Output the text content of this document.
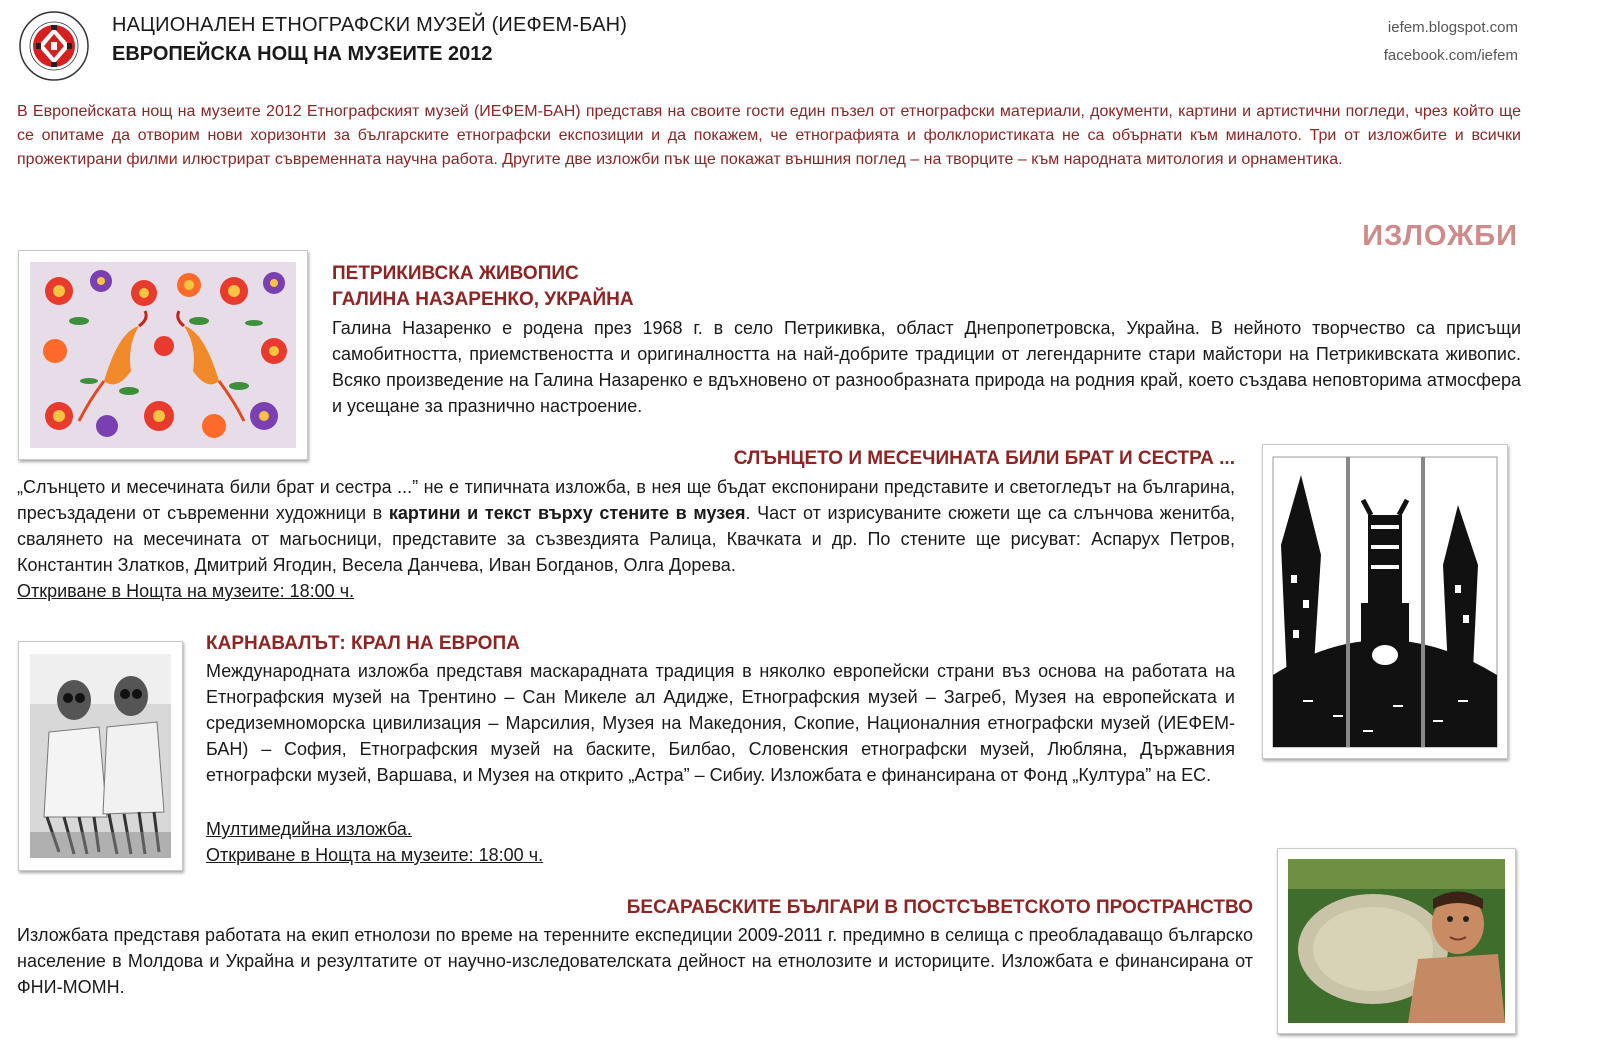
НАЦИОНАЛЕН ЕТНОГРАФСКИ МУЗЕЙ (ИЕФЕМ-БАН)
ЕВРОПЕЙСКА НОЩ НА МУЗЕИТЕ 2012
iefem.blogspot.com
facebook.com/iefem

В Европейската нощ на музеите 2012 Етнографският музей (ИЕФЕМ-БАН) представя на своите гости един пъзел от етнографски материали, документи, картини и артистични погледи, чрез който ще се опитаме да отворим нови хоризонти за българските етнографски експозиции и да покажем, че етнографията и фолклористиката не са обърнати към миналото. Три от изложбите и всички прожектирани филми илюстрират съвременната научна работа. Другите две изложби пък ще покажат външния поглед – на творците – към народната митология и орнаментика.

ИЗЛОЖБИ
ПЕТРИКИВСКА ЖИВОПИС
ГАЛИНА НАЗАРЕНКО, УКРАЙНА

Галина Назаренко е родена през 1968 г. в село Петрикивка, област Днепропетровска, Украйна. В нейното творчество са присъщи самобитността, приемствеността и оригиналността на най-добрите традиции от легендарните стари майстори на Петрикивската живопис. Всяко произведение на Галина Назаренко е вдъхновено от разнообразната природа на родния край, което създава неповторима атмосфера и усещане за празнично настроение.

СЛЪНЦЕТО И МЕСЕЧИНАТА БИЛИ БРАТ И СЕСТРА ...

„Слънцето и месечината били брат и сестра ...” не е типичната изложба, в нея ще бъдат експонирани представите и светогледът на българина, пресъздадени от съвременни художници в картини и текст върху стените в музея. Част от изрисуваните сюжети ще са слънчова женитба, свалянето на месечината от магьосници, представите за съзвездията Ралица, Квачката и др. По стените ще рисуват: Аспарух Петров, Константин Златков, Дмитрий Ягодин, Весела Данчева, Иван Богданов, Олга Дорева.

Откриване в Нощта на музеите: 18:00 ч.
КАРНАВАЛЪТ: КРАЛ НА ЕВРОПА

Международната изложба представя маскарадната традиция в няколко европейски страни въз основа на работата на Етнографския музей на Трентино – Сан Микеле ал Адидже, Етнографския музей – Загреб, Музея на европейската и средиземноморска цивилизация – Марсилия, Музея на Македония, Скопие, Националния етнографски музей (ИЕФЕМ-БАН) – София, Етнографския музей на баските, Билбао, Словенския етнографски музей, Любляна, Държавния етнографски музей, Варшава, и Музея на открито „Астра” – Сибиу. Изложбата е финансирана от Фонд „Култура” на ЕС.

Мултимедийна изложба.
Откриване в Нощта на музеите: 18:00 ч.
БЕСАРАБСКИТЕ БЪЛГАРИ В ПОСТСЪВЕТСКОТО ПРОСТРАНСТВО

Изложбата представя работата на екип етнолози по време на теренните експедиции 2009-2011 г. предимно в селища с преобладаващо българско население в Молдова и Украйна и резултатите от научно-изследователската дейност на етнолозите и историците. Изложбата е финансирана от ФНИ-МОМН.
